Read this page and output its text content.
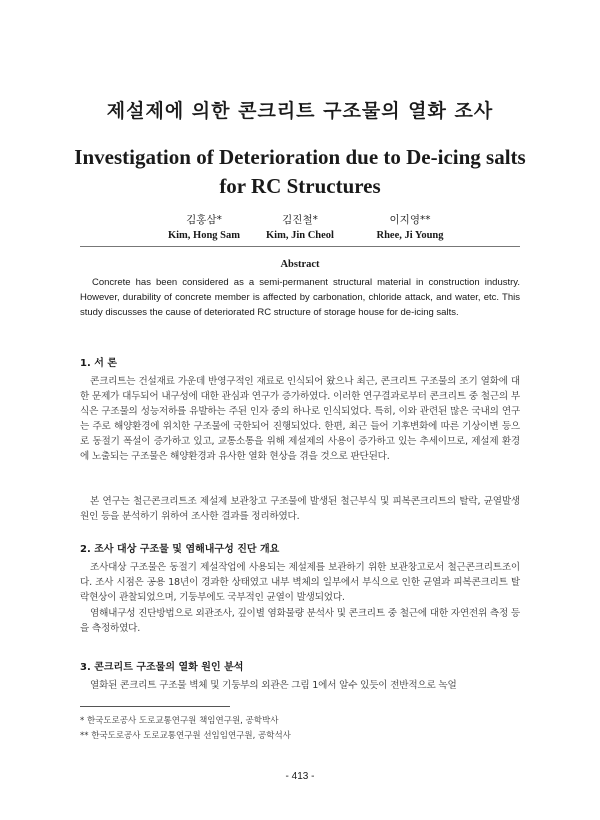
제설제에 의한 콘크리트 구조물의 열화 조사
Investigation of Deterioration due to De-icing salts for RC Structures
김홍삼*
Kim, Hong Sam
김진철*
Kim, Jin Cheol
이지영**
Rhee, Ji Young
Abstract
Concrete has been considered as a semi-permanent structural material in construction industry. However, durability of concrete member is affected by carbonation, chloride attack, and water, etc. This study discusses the cause of deteriorated RC structure of storage house for de-icing salts.
1. 서 론
콘크리트는 건설재료 가운데 반영구적인 재료로 인식되어 왔으나 최근, 콘크리트 구조물의 조기 열화에 대한 문제가 대두되어 내구성에 대한 관심과 연구가 증가하였다. 이러한 연구결과로부터 콘크리트 중 철근의 부식은 구조물의 성능저하를 유발하는 주된 인자 중의 하나로 인식되었다. 특히, 이와 관련된 많은 국내의 연구는 주로 해양환경에 위치한 구조물에 국한되어 진행되었다. 한편, 최근 들어 기후변화에 따른 기상이변 등으로 동절기 폭설이 증가하고 있고, 교통소통을 위해 제설제의 사용이 증가하고 있는 추세이므로, 제설제 환경에 노출되는 구조물은 해양환경과 유사한 열화 현상을 겪을 것으로 판단된다.
본 연구는 철근콘크리트조 제설제 보관창고 구조물에 발생된 철근부식 및 피복콘크리트의 탈락, 균열발생 원인 등을 분석하기 위하여 조사한 결과를 정리하였다.
2. 조사 대상 구조물 및 염해내구성 진단 개요
조사대상 구조물은 동절기 제설작업에 사용되는 제설제를 보관하기 위한 보관창고로서 철근콘크리트조이다. 조사 시점은 공용 18년이 경과한 상태였고 내부 벽체의 일부에서 부식으로 인한 균열과 피복콘크리트 탈락현상이 관찰되었으며, 기둥부에도 국부적인 균열이 발생되었다.
염해내구성 진단방법으로 외관조사, 깊이별 염화물량 분석사 및 콘크리트 중 철근에 대한 자연전위 측정 등을 측정하였다.
3. 콘크리트 구조물의 열화 원인 분석
열화된 콘크리트 구조물 벽체 및 기둥부의 외관은 그림 1에서 알수 있듯이 전반적으로 녹얼
* 한국도로공사 도로교통연구원 책임연구원, 공학박사
** 한국도로공사 도로교통연구원 선임임연구원, 공학석사
- 413 -
